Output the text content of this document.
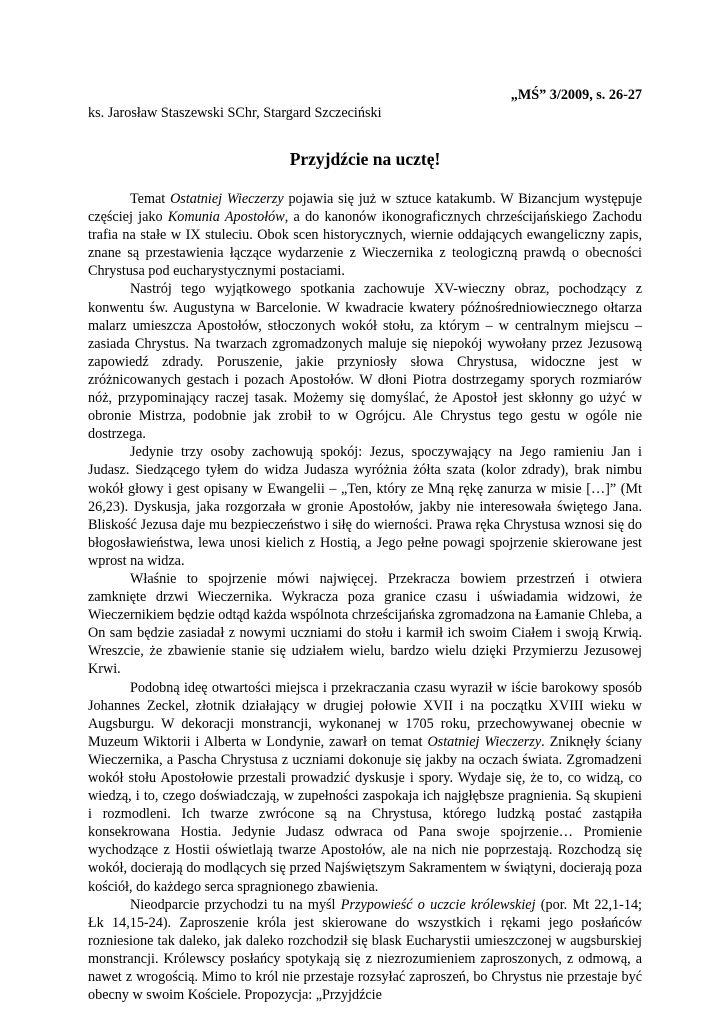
„MŚ” 3/2009, s. 26-27

ks. Jarosław Staszewski SChr, Stargard Szczeciński

Przyjdźcie na ucztę!

Temat Ostatniej Wieczerzy pojawia się już w sztuce katakumb. W Bizancjum występuje częściej jako Komunia Apostołów, a do kanonów ikonograficznych chrześcijańskiego Zachodu trafia na stałe w IX stuleciu. Obok scen historycznych, wiernie oddających ewangeliczny zapis, znane są przestawienia łączące wydarzenie z Wieczernika z teologiczną prawdą o obecności Chrystusa pod eucharystycznymi postaciami.

Nastrój tego wyjątkowego spotkania zachowuje XV-wieczny obraz, pochodzący z konwentu św. Augustyna w Barcelonie. W kwadracie kwatery późnośredniowiecznego ołtarza malarz umieszcza Apostołów, stłoczonych wokół stołu, za którym – w centralnym miejscu – zasiada Chrystus. Na twarzach zgromadzonych maluje się niepokój wywołany przez Jezusową zapowiedź zdrady. Poruszenie, jakie przyniosły słowa Chrystusa, widoczne jest w zróżnicowanych gestach i pozach Apostołów. W dłoni Piotra dostrzegamy sporych rozmiarów nóż, przypominający raczej tasak. Możemy się domyślać, że Apostoł jest skłonny go użyć w obronie Mistrza, podobnie jak zrobił to w Ogrójcu. Ale Chrystus tego gestu w ogóle nie dostrzega.

Jedynie trzy osoby zachowują spokój: Jezus, spoczywający na Jego ramieniu Jan i Judasz. Siedzącego tyłem do widza Judasza wyróżnia żółta szata (kolor zdrady), brak nimbu wokół głowy i gest opisany w Ewangelii – „Ten, który ze Mną rękę zanurza w misie […]” (Mt 26,23). Dyskusja, jaka rozgorzała w gronie Apostołów, jakby nie interesowała świętego Jana. Bliskość Jezusa daje mu bezpieczeństwo i siłę do wierności. Prawa ręka Chrystusa wznosi się do błogosławieństwa, lewa unosi kielich z Hostią, a Jego pełne powagi spojrzenie skierowane jest wprost na widza.

Właśnie to spojrzenie mówi najwięcej. Przekracza bowiem przestrzeń i otwiera zamknięte drzwi Wieczernika. Wykracza poza granice czasu i uświadamia widzowi, że Wieczernikiem będzie odtąd każda wspólnota chrześcijańska zgromadzona na Łamanie Chleba, a On sam będzie zasiadał z nowymi uczniami do stołu i karmił ich swoim Ciałem i swoją Krwią. Wreszcie, że zbawienie stanie się udziałem wielu, bardzo wielu dzięki Przymierzu Jezusowej Krwi.

Podobną ideę otwartości miejsca i przekraczania czasu wyraził w iście barokowy sposób Johannes Zeckel, złotnik działający w drugiej połowie XVII i na początku XVIII wieku w Augsburgu. W dekoracji monstrancji, wykonanej w 1705 roku, przechowywanej obecnie w Muzeum Wiktorii i Alberta w Londynie, zawarł on temat Ostatniej Wieczerzy. Zniknęły ściany Wieczernika, a Pascha Chrystusa z uczniami dokonuje się jakby na oczach świata. Zgromadzeni wokół stołu Apostołowie przestali prowadzić dyskusje i spory. Wydaje się, że to, co widzą, co wiedzą, i to, czego doświadczają, w zupełności zaspokaja ich najgłębsze pragnienia. Są skupieni i rozmodleni. Ich twarze zwrócone są na Chrystusa, którego ludzką postać zastąpiła konsekrowana Hostia. Jedynie Judasz odwraca od Pana swoje spojrzenie… Promienie wychodzące z Hostii oświetlają twarze Apostołów, ale na nich nie poprzestają. Rozchodzą się wokół, docierają do modlących się przed Najświętszym Sakramentem w świątyni, docierają poza kościół, do każdego serca spragnionego zbawienia.

Nieodparcie przychodzi tu na myśl Przypowieść o uczcie królewskiej (por. Mt 22,1-14; Łk 14,15-24). Zaproszenie króla jest skierowane do wszystkich i rękami jego posłańców rozniesione tak daleko, jak daleko rozchodził się blask Eucharystii umieszczonej w augsburskiej monstrancji. Królewscy posłańcy spotykają się z niezrozumieniem zaproszonych, z odmową, a nawet z wrogością. Mimo to król nie przestaje rozsyłać zaproszeń, bo Chrystus nie przestaje być obecny w swoim Kościele. Propozycja: „Przyjdźcie
